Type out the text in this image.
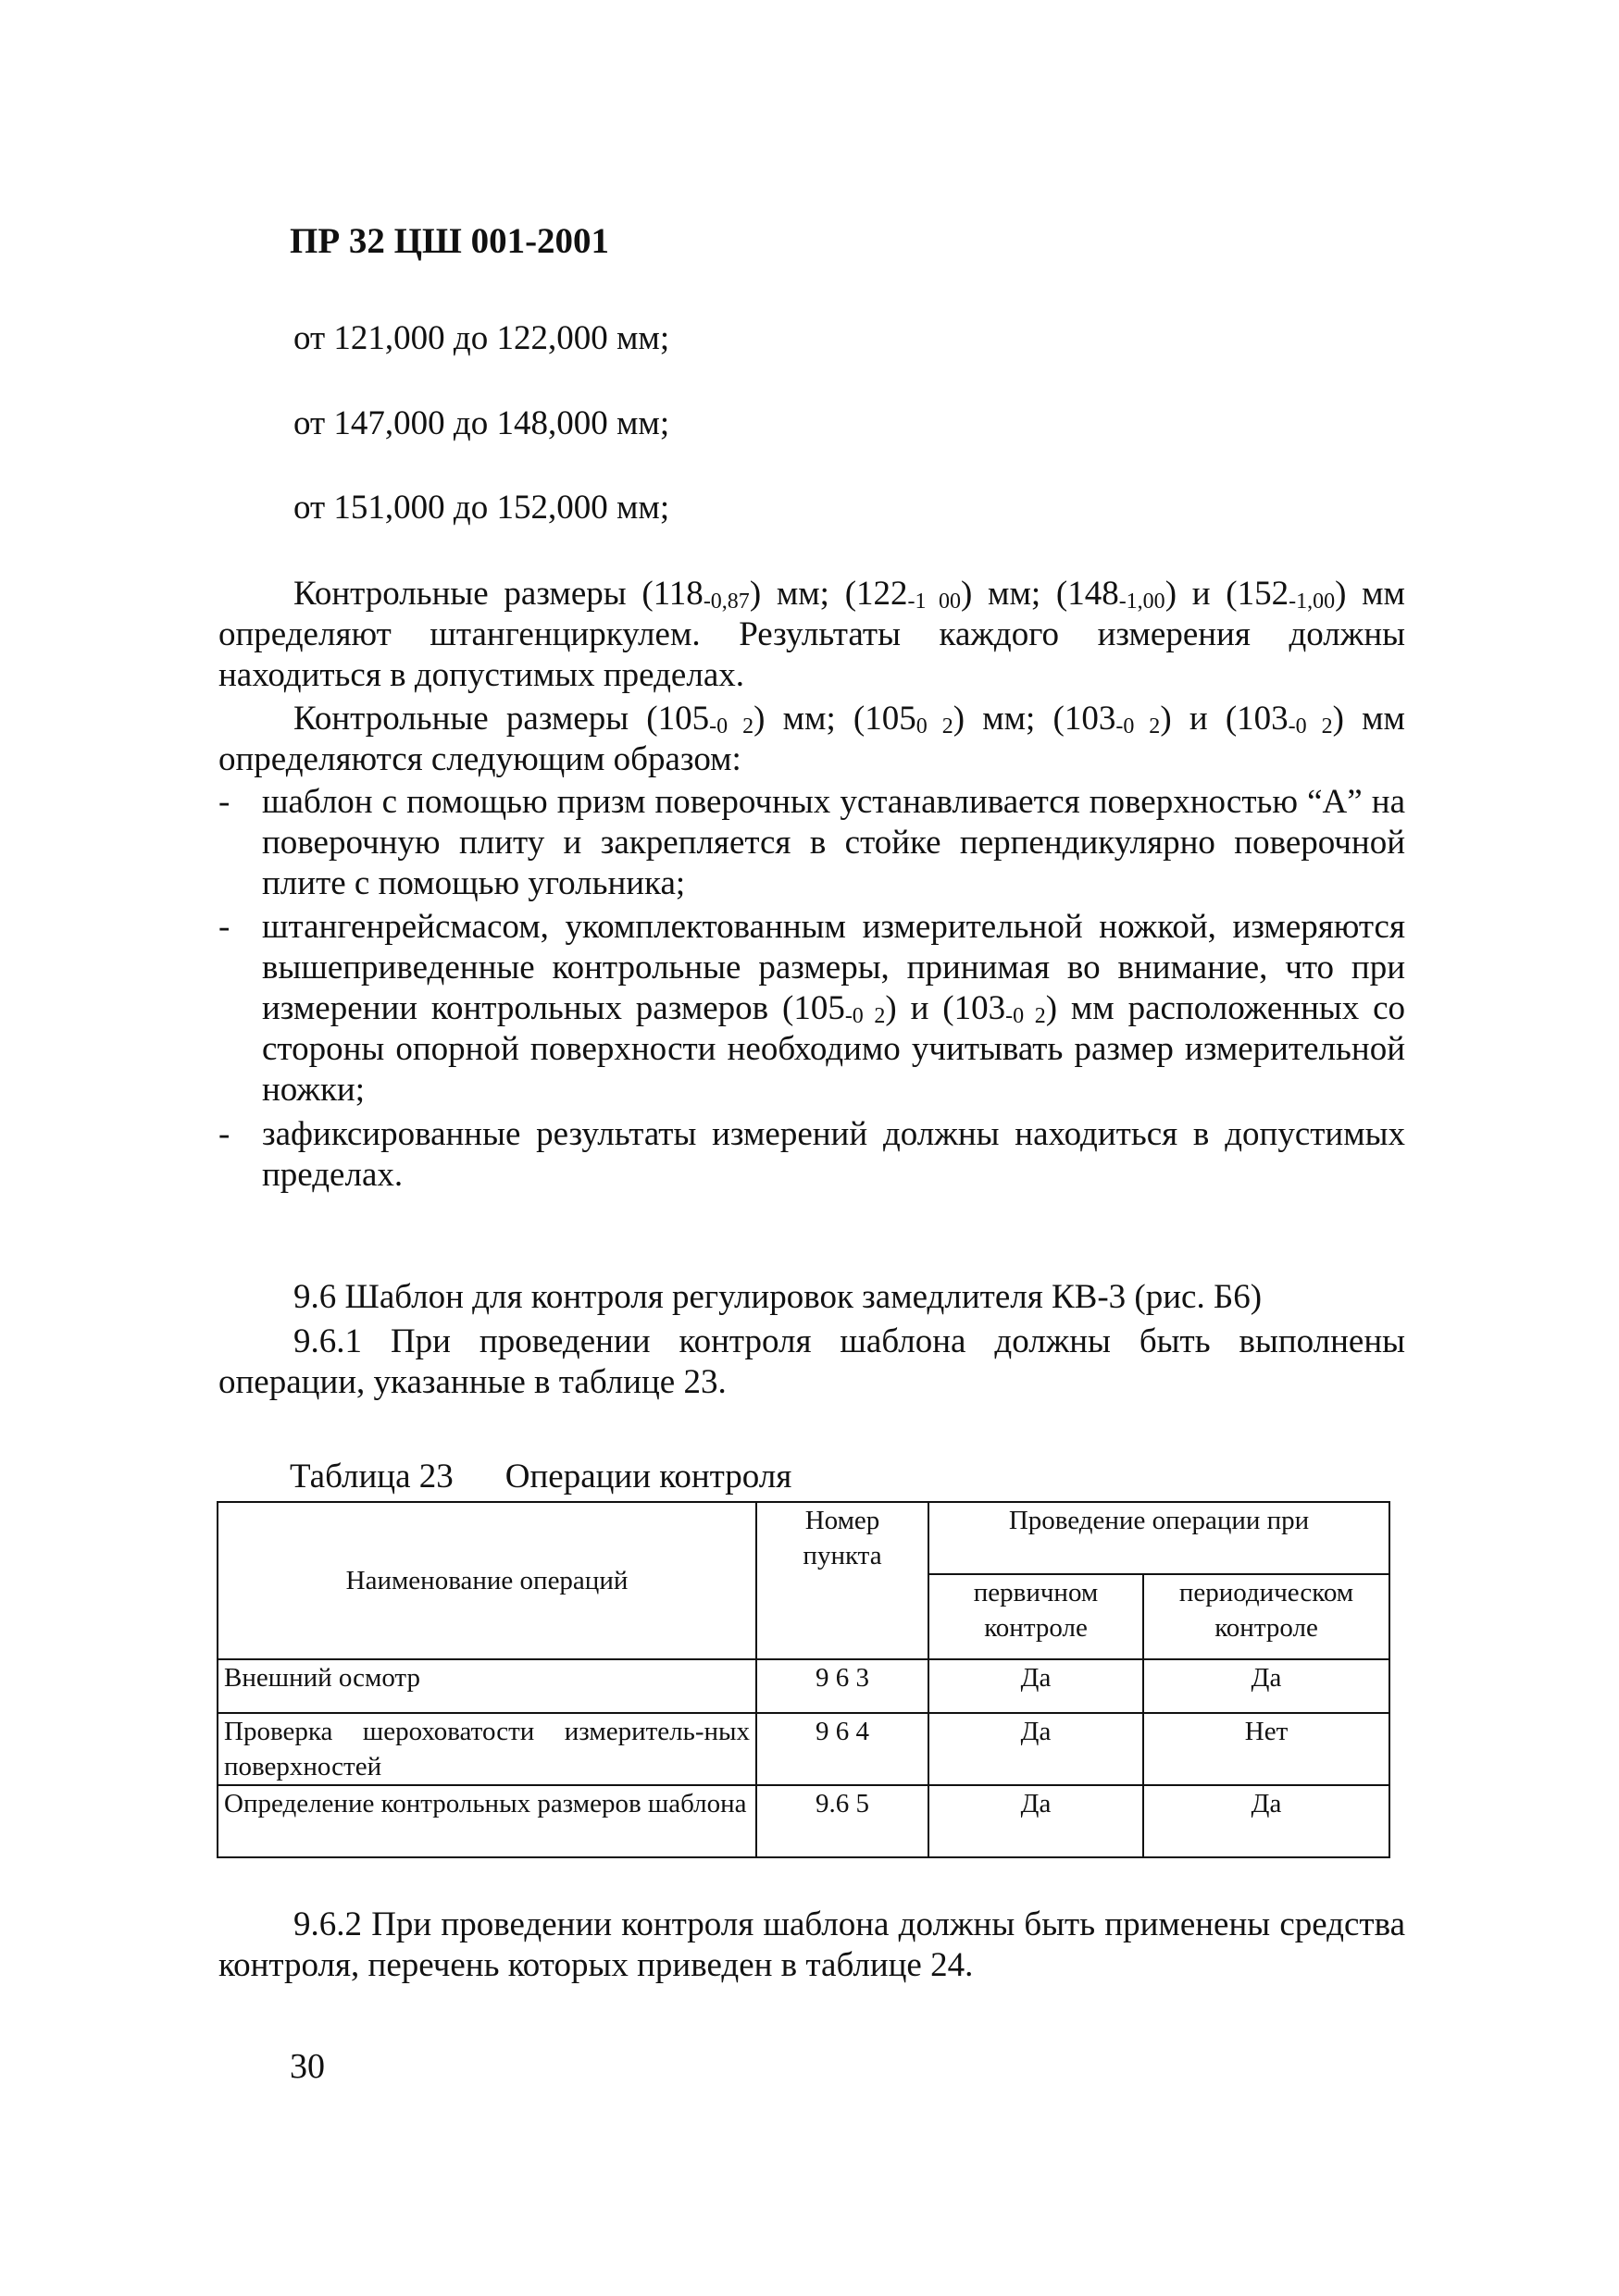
ПР 32 ЦШ 001-2001
от 121,000 до 122,000 мм;
от 147,000 до 148,000 мм;
от 151,000 до 152,000 мм;
Контрольные размеры $(118_{-0,87})$ мм; $(122_{-1 00})$ мм; $(148_{-1,00})$ и $(152_{-1,00})$ мм определяют штангенциркулем. Результаты каждого измерения должны находиться в допустимых пределах.
Контрольные размеры $(105_{-0 2})$ мм; $(105_{0 2})$ мм; $(103_{-0 2})$ и $(103_{-0 2})$ мм определяются следующим образом:
- шаблон с помощью призм поверочных устанавливается поверхностью “А” на поверочную плиту и закрепляется в стойке перпендикулярно поверочной плите с помощью угольника;
- штангенрейсмасом, укомплектованным измерительной ножкой, измеряются вышеприведенные контрольные размеры, принимая во внимание, что при измерении контрольных размеров $(105_{-0 2})$ и $(103_{-0 2})$ мм расположенных со стороны опорной поверхности необходимо учитывать размер измерительной ножки;
- зафиксированные результаты измерений должны находиться в допустимых пределах.
9.6 Шаблон для контроля регулировок замедлителя КВ-3 (рис. Б6)
9.6.1 При проведении контроля шаблона должны быть выполнены операции, указанные в таблице 23.
Таблица 23 Операции контроля
Наименование операций	Номер пункта	Проведение операции при	
		первичном контроле	периодическом контроле
Внешний осмотр	9 6 3	Да	Да
Проверка шероховатости измеритель-ных поверхностей	9 6 4	Да	Нет
Определение контрольных размеров шаблона	9.6 5	Да	Да
9.6.2 При проведении контроля шаблона должны быть применены средства контроля, перечень которых приведен в таблице 24.
30
